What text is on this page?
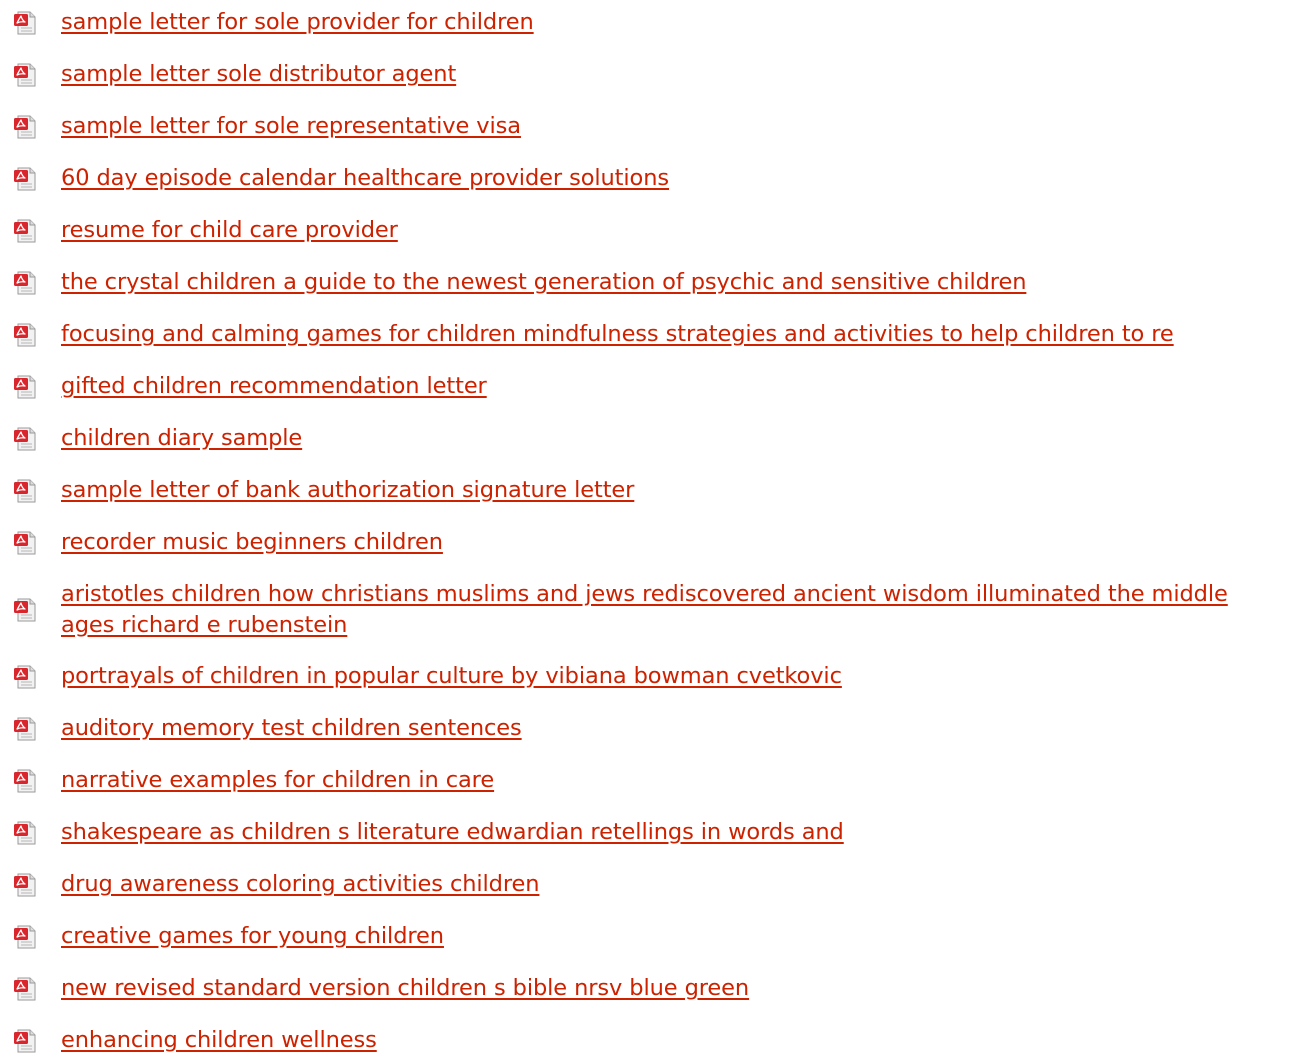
sample letter for sole provider for children
sample letter sole distributor agent
sample letter for sole representative visa
60 day episode calendar healthcare provider solutions
resume for child care provider
the crystal children a guide to the newest generation of psychic and sensitive children
focusing and calming games for children mindfulness strategies and activities to help children to re
gifted children recommendation letter
children diary sample
sample letter of bank authorization signature letter
recorder music beginners children
aristotles children how christians muslims and jews rediscovered ancient wisdom illuminated the middle ages richard e rubenstein
portrayals of children in popular culture by vibiana bowman cvetkovic
auditory memory test children sentences
narrative examples for children in care
shakespeare as children s literature edwardian retellings in words and
drug awareness coloring activities children
creative games for young children
new revised standard version children s bible nrsv blue green
enhancing children wellness
